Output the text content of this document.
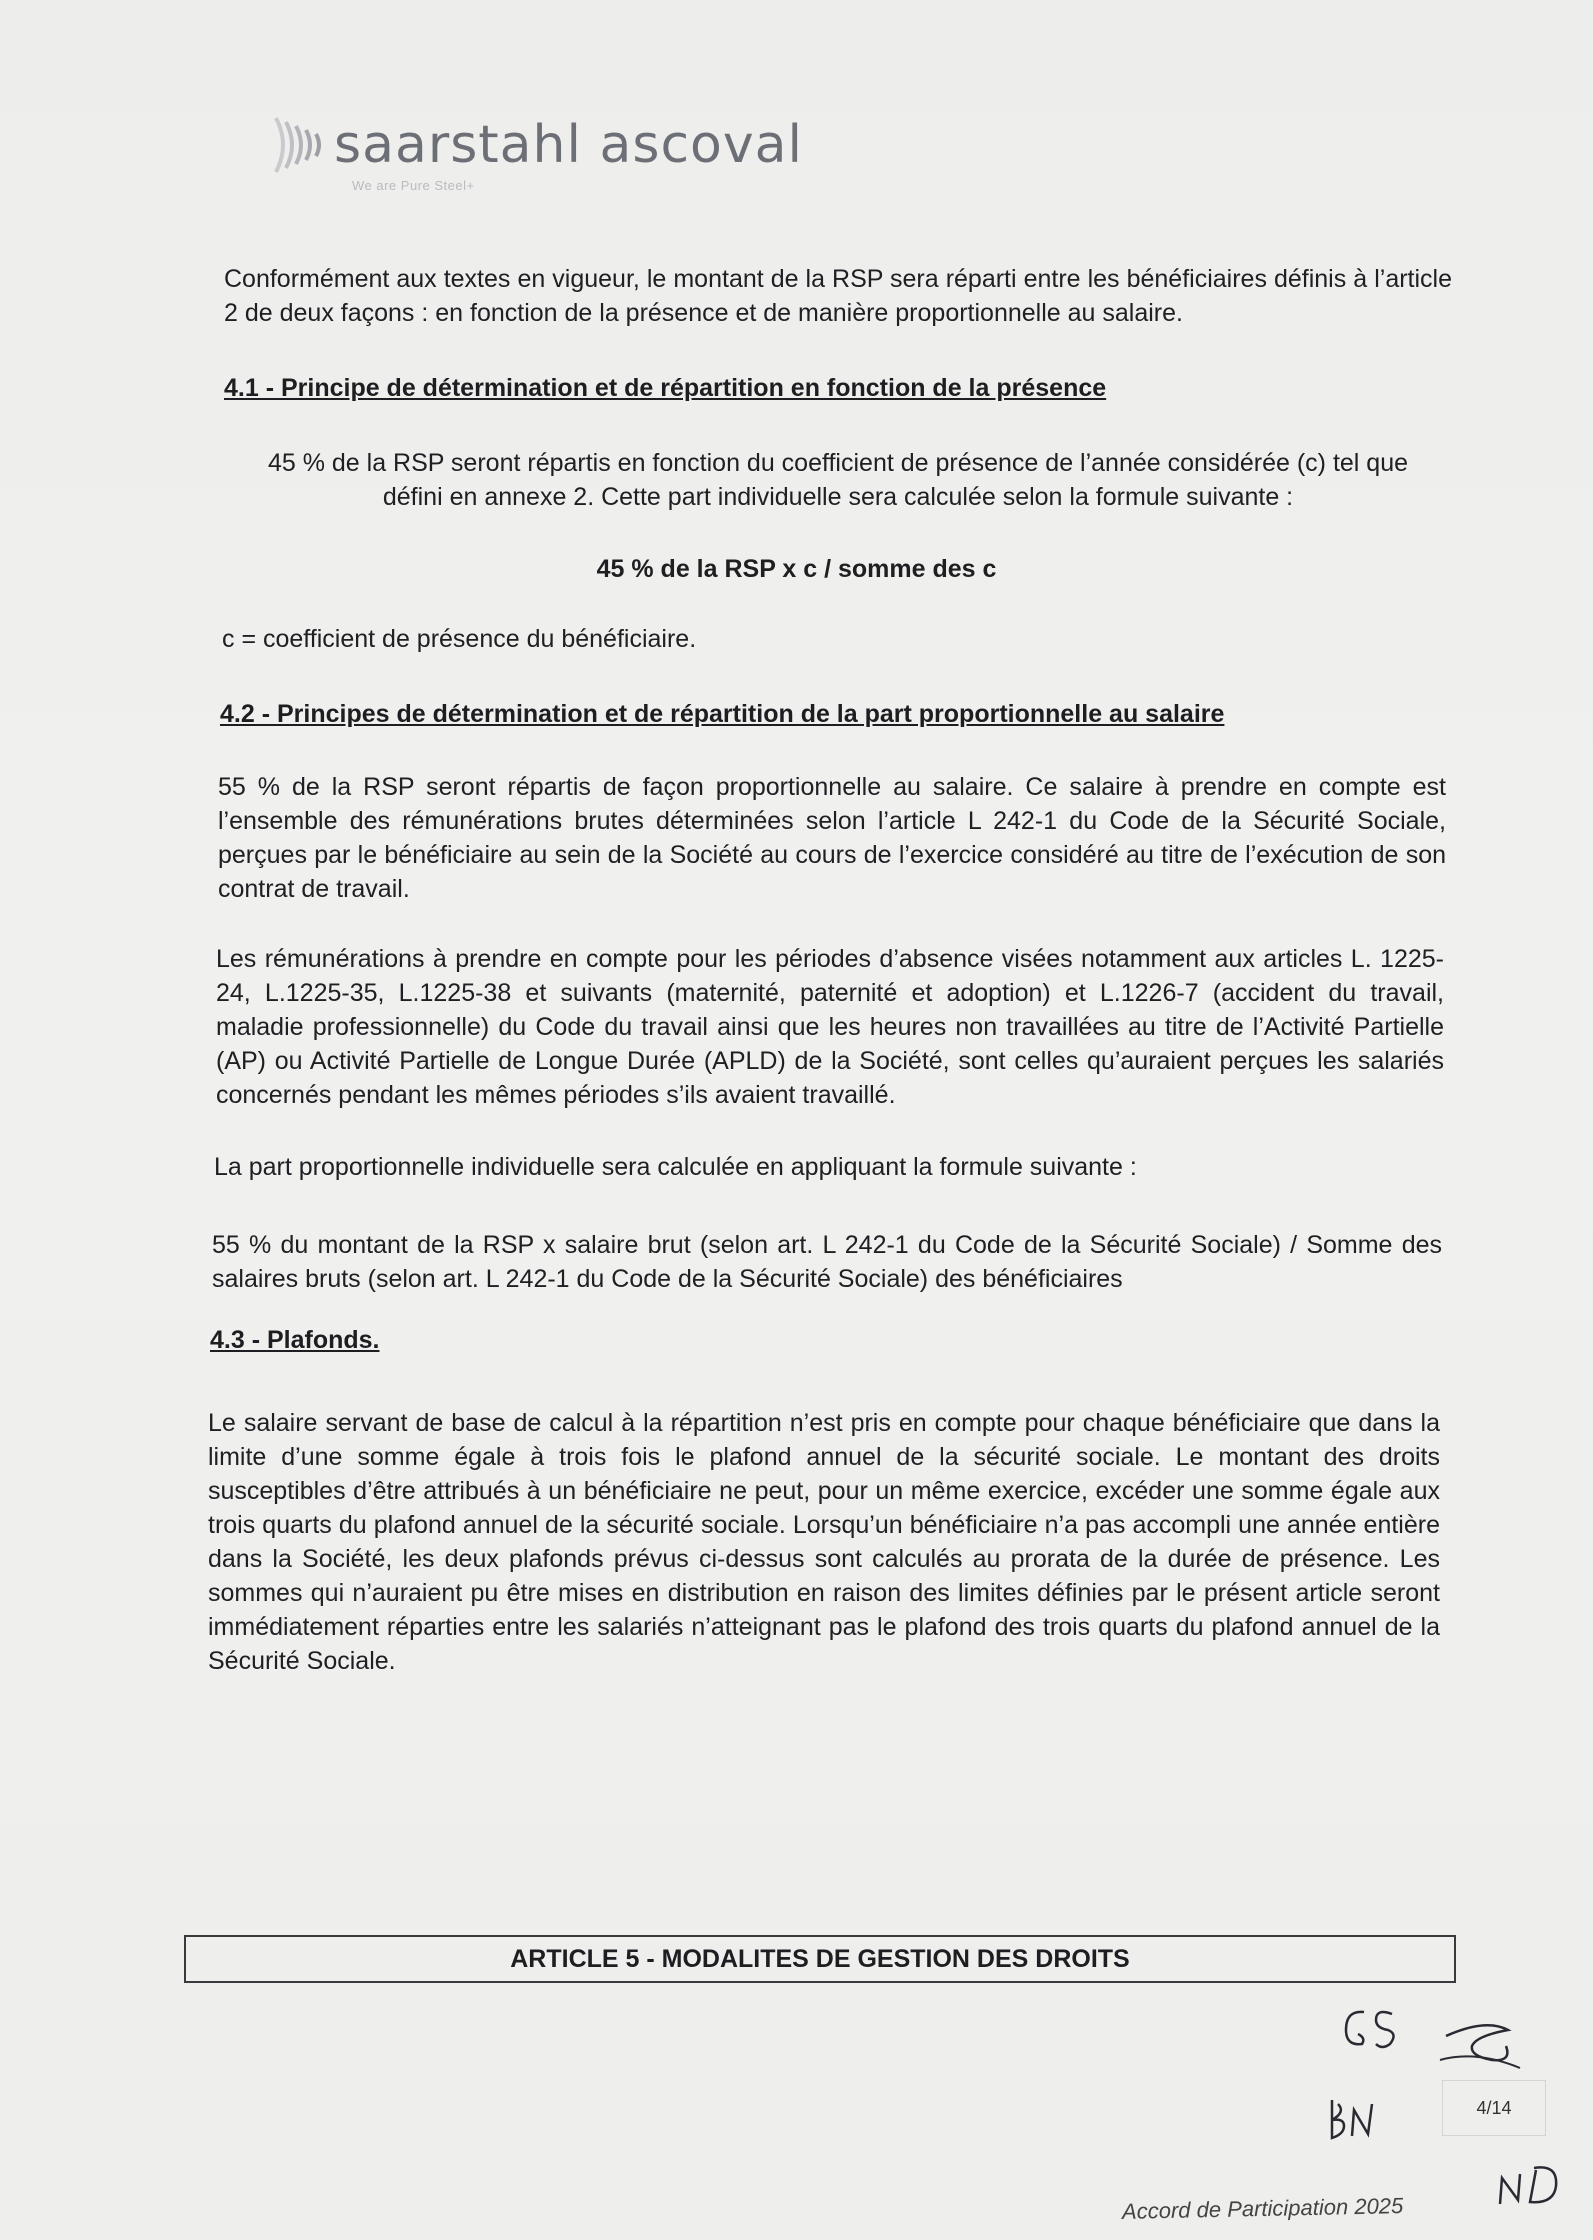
saarstahl ascoval
We are Pure Steel+
Conformément aux textes en vigueur, le montant de la RSP sera réparti entre les bénéficiaires définis à l’article 2 de deux façons : en fonction de la présence et de manière proportionnelle au salaire.
4.1 - Principe de détermination et de répartition en fonction de la présence
45 % de la RSP seront répartis en fonction du coefficient de présence de l’année considérée (c) tel que défini en annexe 2. Cette part individuelle sera calculée selon la formule suivante :
45 % de la RSP x c / somme des c
c = coefficient de présence du bénéficiaire.
4.2 - Principes de détermination et de répartition de la part proportionnelle au salaire
55 % de la RSP seront répartis de façon proportionnelle au salaire. Ce salaire à prendre en compte est l’ensemble des rémunérations brutes déterminées selon l’article L 242-1 du Code de la Sécurité Sociale, perçues par le bénéficiaire au sein de la Société au cours de l’exercice considéré au titre de l’exécution de son contrat de travail.
Les rémunérations à prendre en compte pour les périodes d’absence visées notamment aux articles L. 1225-24, L.1225-35, L.1225-38 et suivants (maternité, paternité et adoption) et L.1226-7 (accident du travail, maladie professionnelle) du Code du travail ainsi que les heures non travaillées au titre de l’Activité Partielle (AP) ou Activité Partielle de Longue Durée (APLD) de la Société, sont celles qu’auraient perçues les salariés concernés pendant les mêmes périodes s’ils avaient travaillé.
La part proportionnelle individuelle sera calculée en appliquant la formule suivante :
55 % du montant de la RSP x salaire brut (selon art. L 242-1 du Code de la Sécurité Sociale) / Somme des salaires bruts (selon art. L 242-1 du Code de la Sécurité Sociale) des bénéficiaires
4.3 - Plafonds.
Le salaire servant de base de calcul à la répartition n’est pris en compte pour chaque bénéficiaire que dans la limite d’une somme égale à trois fois le plafond annuel de la sécurité sociale. Le montant des droits susceptibles d’être attribués à un bénéficiaire ne peut, pour un même exercice, excéder une somme égale aux trois quarts du plafond annuel de la sécurité sociale. Lorsqu’un bénéficiaire n’a pas accompli une année entière dans la Société, les deux plafonds prévus ci-dessus sont calculés au prorata de la durée de présence. Les sommes qui n’auraient pu être mises en distribution en raison des limites définies par le présent article seront immédiatement réparties entre les salariés n’atteignant pas le plafond des trois quarts du plafond annuel de la Sécurité Sociale.
ARTICLE 5 - MODALITES DE GESTION DES DROITS
4/14
Accord de Participation 2025
